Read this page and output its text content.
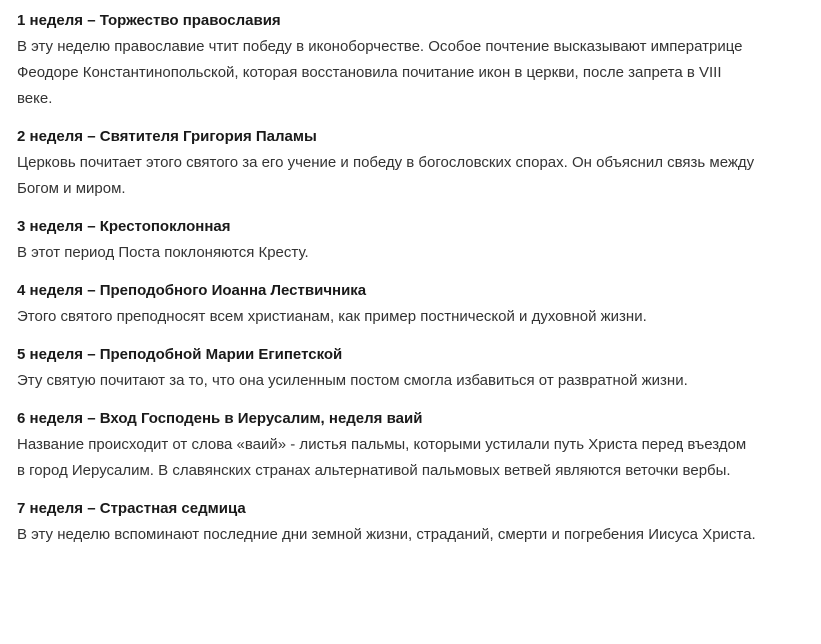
1 неделя – Торжество православия

В эту неделю православие чтит победу в иконоборчестве. Особое почтение высказывают императрице Феодоре Константинопольской, которая восстановила почитание икон в церкви, после запрета в VIII веке.

2 неделя – Святителя Григория Паламы

Церковь почитает этого святого за его учение и победу в богословских спорах. Он объяснил связь между Богом и миром.

3 неделя – Крестопоклонная

В этот период Поста поклоняются Кресту.

4 неделя – Преподобного Иоанна Лествичника

Этого святого преподносят всем христианам, как пример постнической и духовной жизни.

5 неделя – Преподобной Марии Египетской

Эту святую почитают за то, что она усиленным постом смогла избавиться от развратной жизни.

6 неделя – Вход Господень в Иерусалим, неделя ваий

Название происходит от слова «ваий» - листья пальмы, которыми устилали путь Христа перед въездом в город Иерусалим. В славянских странах альтернативой пальмовых ветвей являются веточки вербы.

7 неделя – Страстная седмица

В эту неделю вспоминают последние дни земной жизни, страданий, смерти и погребения Иисуса Христа.
